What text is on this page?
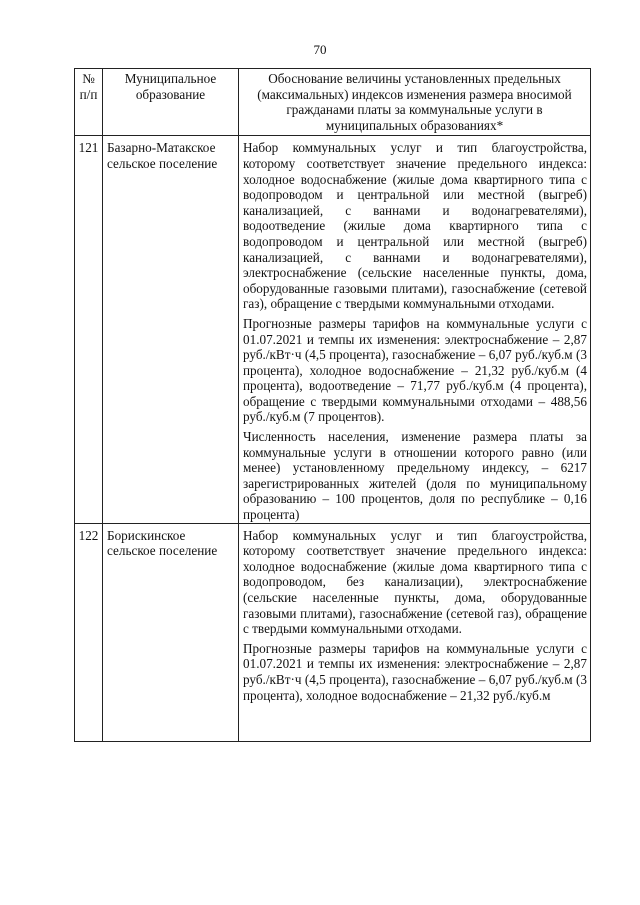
70
№ п/п	Муниципальное образование	Обоснование величины установленных предельных (максимальных) индексов изменения размера вносимой гражданами платы за коммунальные услуги в муниципальных образованиях*
121	Базарно-Матакское сельское поселение	Набор коммунальных услуг и тип благоустройства, которому соответствует значение предельного индекса: холодное водоснабжение (жилые дома квартирного типа с водопроводом и центральной или местной (выгреб) канализацией, с ваннами и водонагревателями), водоотведение (жилые дома квартирного типа с водопроводом и центральной или местной (выгреб) канализацией, с ваннами и водонагревателями), электроснабжение (сельские населенные пункты, дома, оборудованные газовыми плитами), газоснабжение (сетевой газ), обращение с твердыми коммунальными отходами.

Прогнозные размеры тарифов на коммунальные услуги с 01.07.2021 и темпы их изменения: электроснабжение – 2,87 руб./кВт·ч (4,5 процента), газоснабжение – 6,07 руб./куб.м (3 процента), холодное водоснабжение – 21,32 руб./куб.м (4 процента), водоотведение – 71,77 руб./куб.м (4 процента), обращение с твердыми коммунальными отходами – 488,56 руб./куб.м (7 процентов).

Численность населения, изменение размера платы за коммунальные услуги в отношении которого равно (или менее) установленному предельному индексу, – 6217 зарегистрированных жителей (доля по муниципальному образованию – 100 процентов, доля по республике – 0,16 процента)

122	Борискинское сельское поселение	Набор коммунальных услуг и тип благоустройства, которому соответствует значение предельного индекса: холодное водоснабжение (жилые дома квартирного типа с водопроводом, без канализации), электроснабжение (сельские населенные пункты, дома, оборудованные газовыми плитами), газоснабжение (сетевой газ), обращение с твердыми коммунальными отходами.

Прогнозные размеры тарифов на коммунальные услуги с 01.07.2021 и темпы их изменения: электроснабжение – 2,87 руб./кВт·ч (4,5 процента), газоснабжение – 6,07 руб./куб.м (3 процента), холодное водоснабжение – 21,32 руб./куб.м
